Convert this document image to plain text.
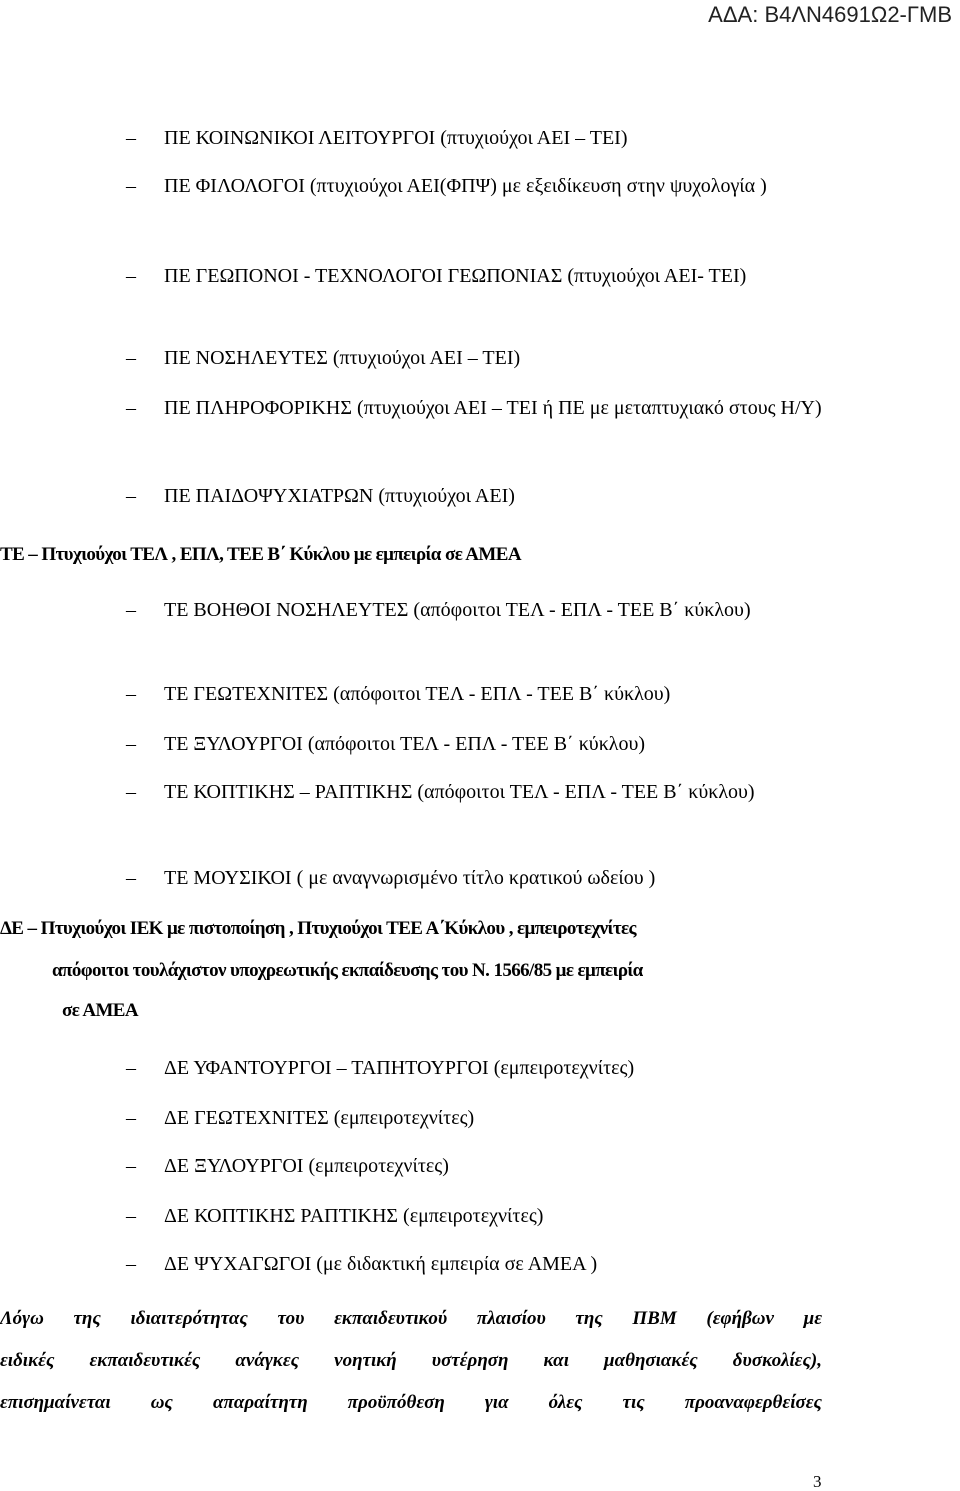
ΑΔΑ: Β4ΛΝ4691Ω2-ΓΜΒ
–	ΠΕ ΚΟΙΝΩΝΙΚΟΙ ΛΕΙΤΟΥΡΓΟΙ (πτυχιούχοι ΑΕΙ – ΤΕΙ)
–	ΠΕ ΦΙΛΟΛΟΓΟΙ (πτυχιούχοι ΑΕΙ(ΦΠΨ) με εξειδίκευση στην ψυχολογία )
–	ΠΕ ΓΕΩΠΟΝΟΙ - ΤΕΧΝΟΛΟΓΟΙ ΓΕΩΠΟΝΙΑΣ (πτυχιούχοι ΑΕΙ- ΤΕΙ)
–	ΠΕ ΝΟΣΗΛΕΥΤΕΣ (πτυχιούχοι ΑΕΙ – ΤΕΙ)
–	ΠΕ ΠΛΗΡΟΦΟΡΙΚΗΣ (πτυχιούχοι ΑΕΙ – ΤΕΙ ή ΠΕ με μεταπτυχιακό στους Η/Υ)
–	ΠΕ ΠΑΙΔΟΨΥΧΙΑΤΡΩΝ (πτυχιούχοι ΑΕΙ)
ΤΕ – Πτυχιούχοι ΤΕΛ , ΕΠΛ, ΤΕΕ Β΄ Κύκλου με εμπειρία σε ΑΜΕΑ
–	ΤΕ ΒΟΗΘΟΙ ΝΟΣΗΛΕΥΤΕΣ (απόφοιτοι ΤΕΛ - ΕΠΛ - ΤΕΕ Β΄ κύκλου)
–	ΤΕ ΓΕΩΤΕΧΝΙΤΕΣ (απόφοιτοι ΤΕΛ - ΕΠΛ - ΤΕΕ Β΄ κύκλου)
–	ΤΕ ΞΥΛΟΥΡΓΟΙ (απόφοιτοι ΤΕΛ - ΕΠΛ - ΤΕΕ Β΄ κύκλου)
–	ΤΕ ΚΟΠΤΙΚΗΣ – ΡΑΠΤΙΚΗΣ (απόφοιτοι ΤΕΛ - ΕΠΛ - ΤΕΕ Β΄ κύκλου)
–	ΤΕ ΜΟΥΣΙΚΟΙ ( με αναγνωρισμένο τίτλο κρατικού ωδείου )
ΔΕ – Πτυχιούχοι ΙΕΚ με πιστοποίηση , Πτυχιούχοι ΤΕΕ Α΄Κύκλου , εμπειροτεχνίτες
απόφοιτοι τουλάχιστον υποχρεωτικής εκπαίδευσης του Ν. 1566/85 με εμπειρία
σε ΑΜΕΑ
–	ΔΕ ΥΦΑΝΤΟΥΡΓΟΙ – ΤΑΠΗΤΟΥΡΓΟΙ (εμπειροτεχνίτες)
–	ΔΕ ΓΕΩΤΕΧΝΙΤΕΣ (εμπειροτεχνίτες)
–	ΔΕ ΞΥΛΟΥΡΓΟΙ (εμπειροτεχνίτες)
–	ΔΕ ΚΟΠΤΙΚΗΣ ΡΑΠΤΙΚΗΣ (εμπειροτεχνίτες)
–	ΔΕ ΨΥΧΑΓΩΓΟΙ (με διδακτική εμπειρία σε ΑΜΕΑ )
Λόγω της ιδιαιτερότητας του εκπαιδευτικού πλαισίου της ΠΒΜ (εφήβων με
ειδικές εκπαιδευτικές ανάγκες νοητική υστέρηση και μαθησιακές δυσκολίες),
επισημαίνεται ως απαραίτητη προϋπόθεση για όλες τις προαναφερθείσες
3
